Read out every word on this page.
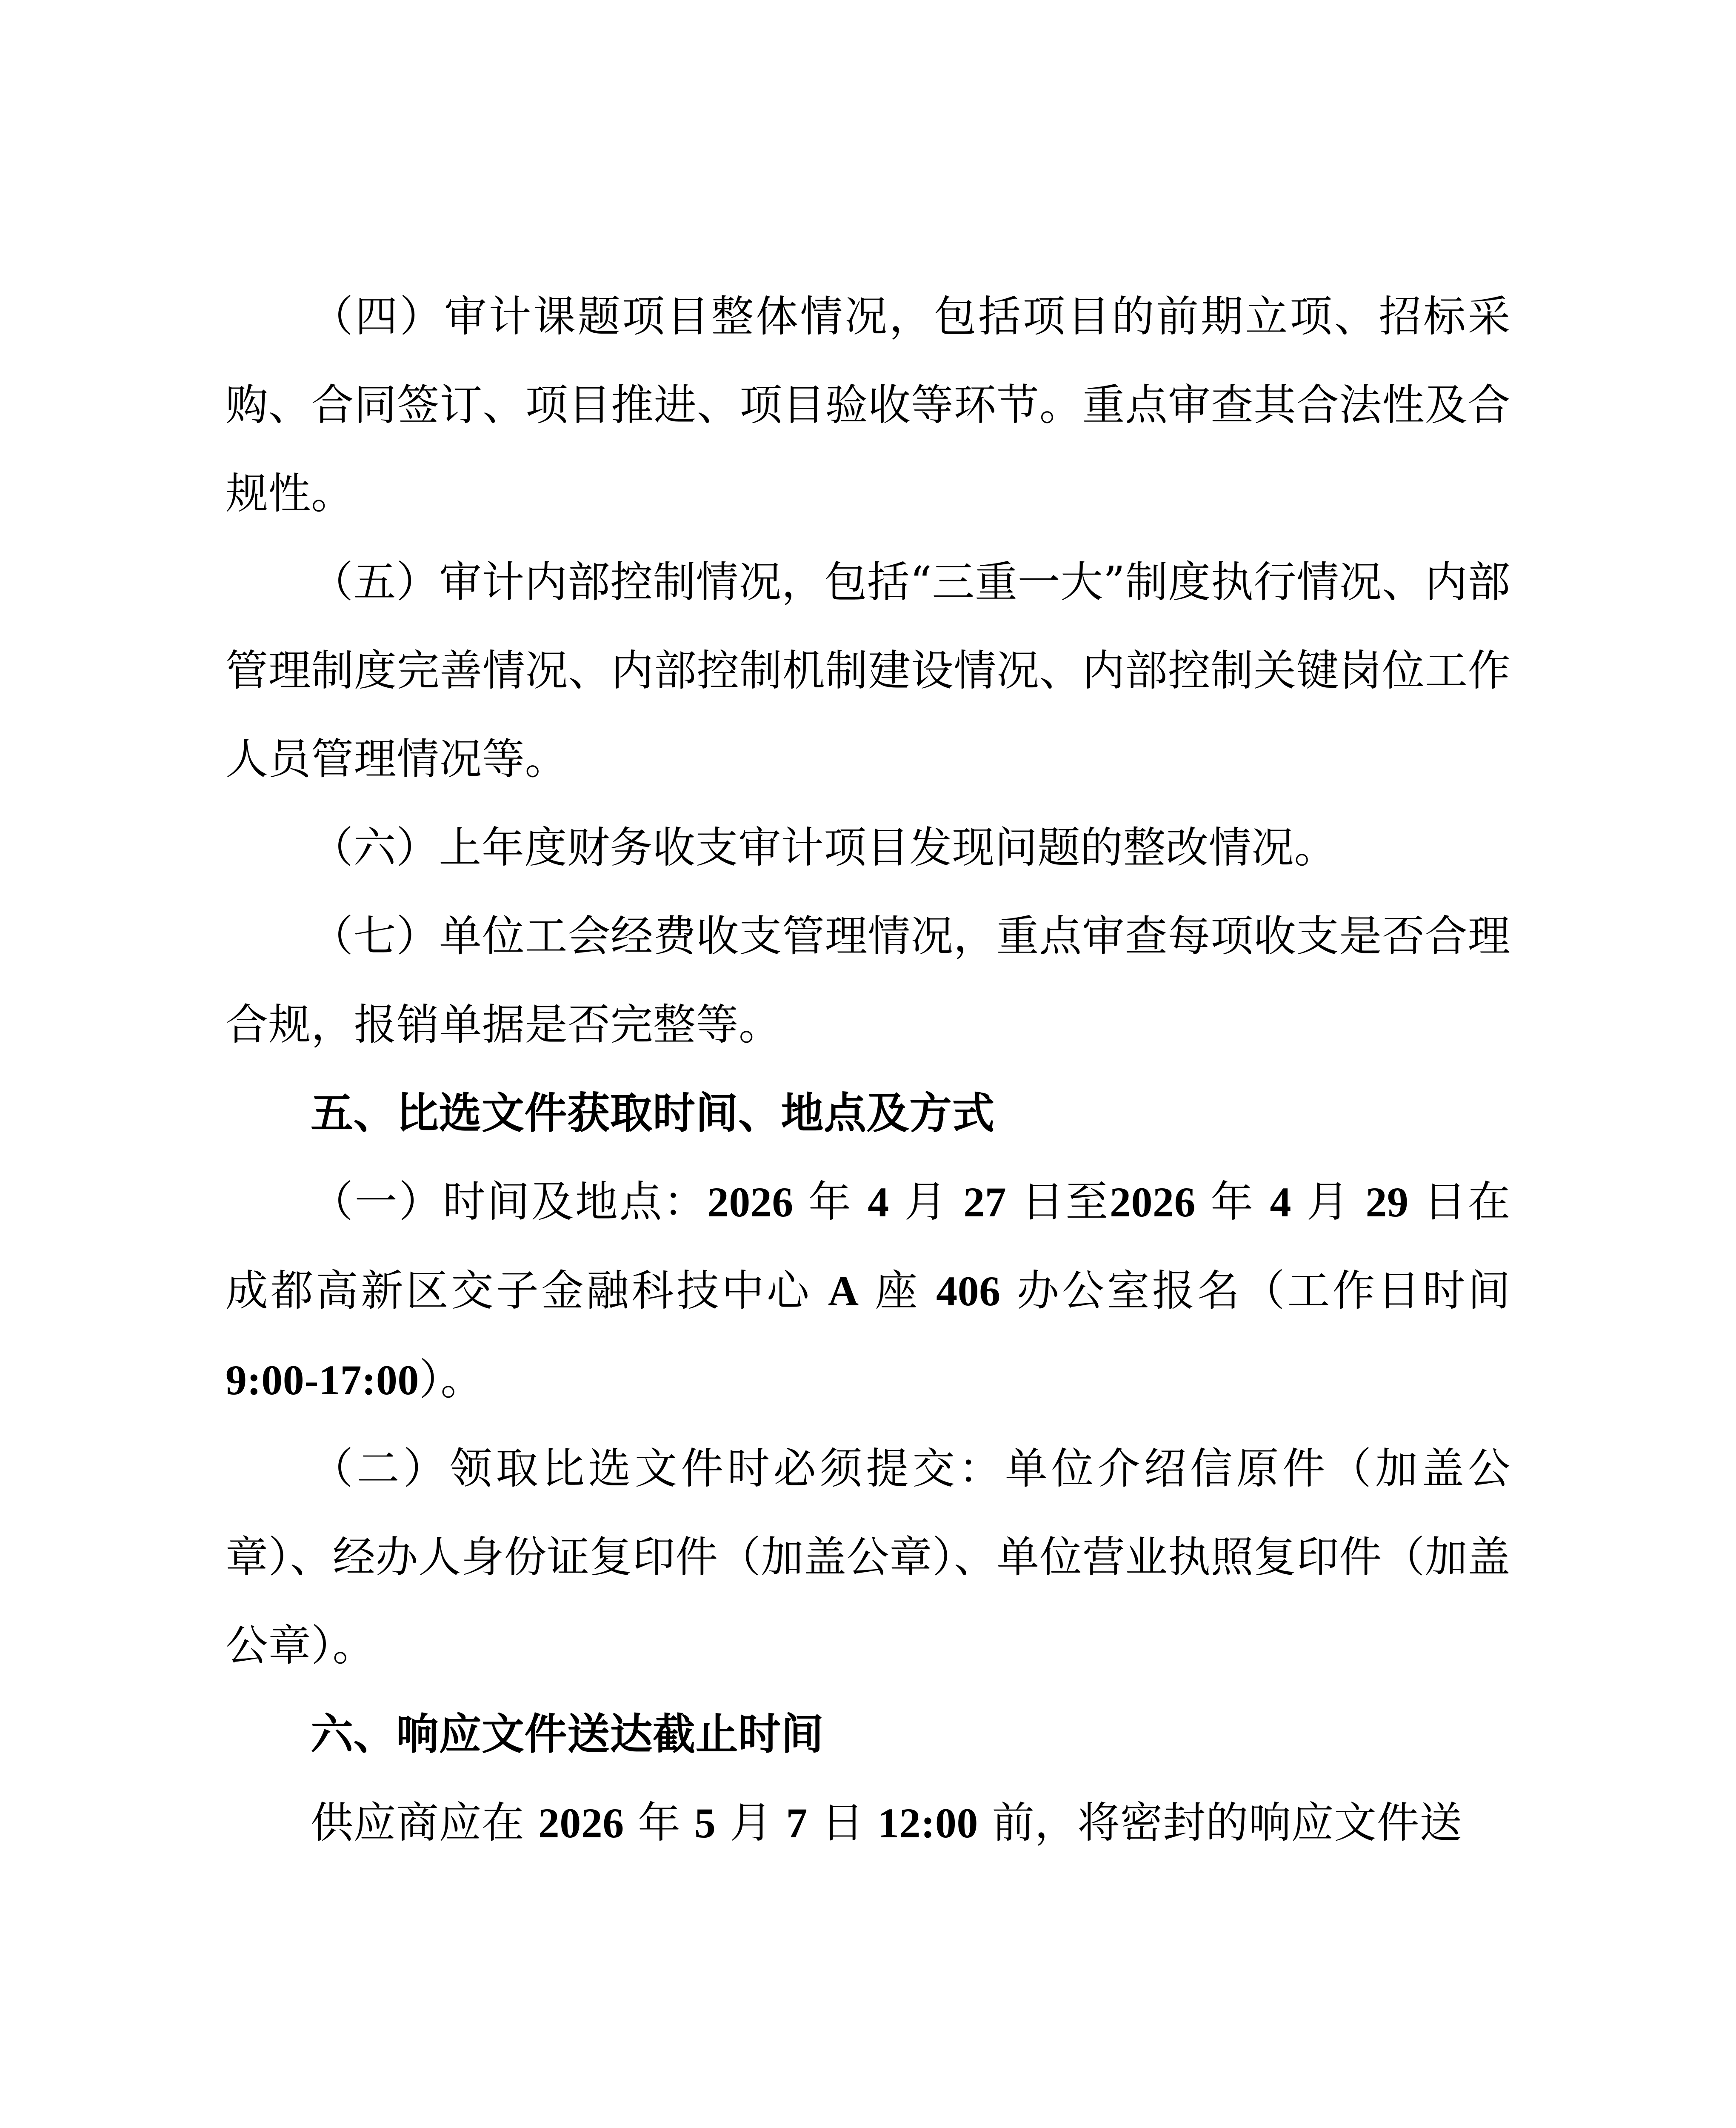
（四）审计课题项目整体情况，包括项目的前期立项、招标采购、合同签订、项目推进、项目验收等环节。重点审查其合法性及合规性。

（五）审计内部控制情况，包括“三重一大”制度执行情况、内部管理制度完善情况、内部控制机制建设情况、内部控制关键岗位工作人员管理情况等。

（六）上年度财务收支审计项目发现问题的整改情况。

（七）单位工会经费收支管理情况，重点审查每项收支是否合理合规，报销单据是否完整等。

五、比选文件获取时间、地点及方式

（一）时间及地点：2026 年 4 月 27 日至2026 年 4 月 29 日在成都高新区交子金融科技中心 A 座 406 办公室报名（工作日时间 9:00-17:00）。

（二）领取比选文件时必须提交：单位介绍信原件（加盖公章）、经办人身份证复印件（加盖公章）、单位营业执照复印件（加盖公章）。

六、响应文件送达截止时间

供应商应在 2026 年 5 月 7 日 12:00 前，将密封的响应文件送
